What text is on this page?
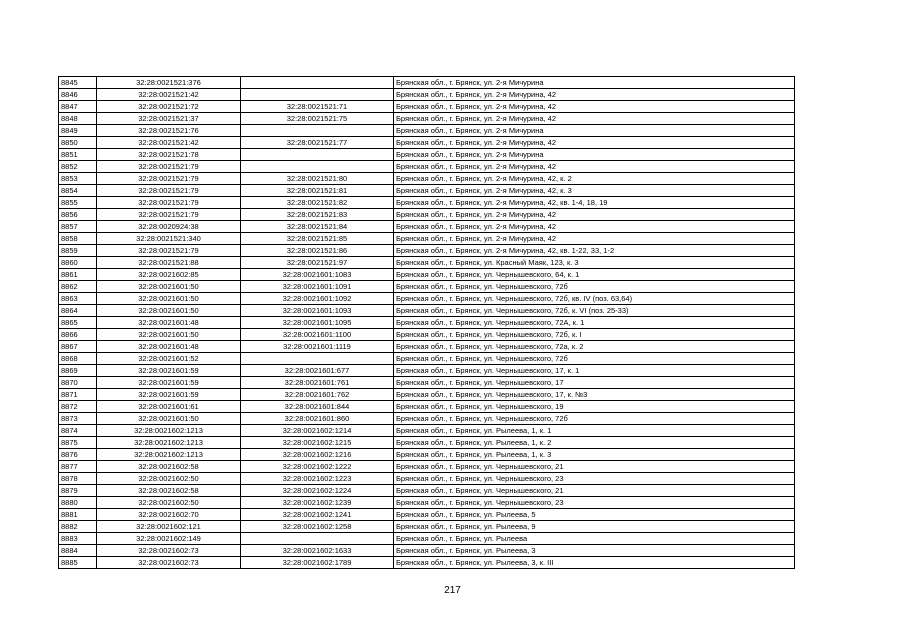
8845	32:28:0021521:376		Брянская обл., г. Брянск, ул. 2-я Мичурина
8846	32:28:0021521:42		Брянская обл., г. Брянск, ул. 2-я Мичурина, 42
8847	32:28:0021521:72	32:28:0021521:71	Брянская обл., г. Брянск, ул. 2-я Мичурина, 42
8848	32:28:0021521:37	32:28:0021521:75	Брянская обл., г. Брянск, ул. 2-я Мичурина, 42
8849	32:28:0021521:76		Брянская обл., г. Брянск, ул. 2-я Мичурина
8850	32:28:0021521:42	32:28:0021521:77	Брянская обл., г. Брянск, ул. 2-я Мичурина, 42
8851	32:28:0021521:78		Брянская обл., г. Брянск, ул. 2-я Мичурина
8852	32:28:0021521:79		Брянская обл., г. Брянск, ул. 2-я Мичурина, 42
8853	32:28:0021521:79	32:28:0021521:80	Брянская обл., г. Брянск, ул. 2-я Мичурина, 42, к. 2
8854	32:28:0021521:79	32:28:0021521:81	Брянская обл., г. Брянск, ул. 2-я Мичурина, 42, к. 3
8855	32:28:0021521:79	32:28:0021521:82	Брянская обл., г. Брянск, ул. 2-я Мичурина, 42, кв. 1-4, 18, 19
8856	32:28:0021521:79	32:28:0021521:83	Брянская обл., г. Брянск, ул. 2-я Мичурина, 42
8857	32:28:0020924:38	32:28:0021521:84	Брянская обл., г. Брянск, ул. 2-я Мичурина, 42
8858	32:28:0021521:340	32:28:0021521:85	Брянская обл., г. Брянск, ул. 2-я Мичурина, 42
8859	32:28:0021521:79	32:28:0021521:86	Брянская обл., г. Брянск, ул. 2-я Мичурина, 42, кв. 1-22, 33, 1-2
8860	32:28:0021521:88	32:28:0021521:97	Брянская обл., г. Брянск, ул. Красный Маяк, 123, к. 3
8861	32:28:0021602:85	32:28:0021601:1083	Брянская обл., г. Брянск, ул. Чернышевского, 64, к. 1
8862	32:28:0021601:50	32:28:0021601:1091	Брянская обл., г. Брянск, ул. Чернышевского, 72б
8863	32:28:0021601:50	32:28:0021601:1092	Брянская обл., г. Брянск, ул. Чернышевского, 72б, кв. IV (поз. 63,64)
8864	32:28:0021601:50	32:28:0021601:1093	Брянская обл., г. Брянск, ул. Чернышевского, 72б, к. VI (поз. 25-33)
8865	32:28:0021601:48	32:28:0021601:1095	Брянская обл., г. Брянск, ул. Чернышевского, 72А, к. 1
8866	32:28:0021601:50	32:28:0021601:1100	Брянская обл., г. Брянск, ул. Чернышевского, 72б, к. I
8867	32:28:0021601:48	32:28:0021601:1119	Брянская обл., г. Брянск, ул. Чернышевского, 72а, к. 2
8868	32:28:0021601:52		Брянская обл., г. Брянск, ул. Чернышевского, 72б
8869	32:28:0021601:59	32:28:0021601:677	Брянская обл., г. Брянск, ул. Чернышевского, 17, к. 1
8870	32:28:0021601:59	32:28:0021601:761	Брянская обл., г. Брянск, ул. Чернышевского, 17
8871	32:28:0021601:59	32:28:0021601:762	Брянская обл., г. Брянск, ул. Чернышевского, 17, к. №3
8872	32:28:0021601:61	32:28:0021601:844	Брянская обл., г. Брянск, ул. Чернышевского, 19
8873	32:28:0021601:50	32:28:0021601:860	Брянская обл., г. Брянск, ул. Чернышевского, 72б
8874	32:28:0021602:1213	32:28:0021602:1214	Брянская обл., г. Брянск, ул. Рылеева, 1, к. 1
8875	32:28:0021602:1213	32:28:0021602:1215	Брянская обл., г. Брянск, ул. Рылеева, 1, к. 2
8876	32:28:0021602:1213	32:28:0021602:1216	Брянская обл., г. Брянск, ул. Рылеева, 1, к. 3
8877	32:28:0021602:58	32:28:0021602:1222	Брянская обл., г. Брянск, ул. Чернышевского, 21
8878	32:28:0021602:50	32:28:0021602:1223	Брянская обл., г. Брянск, ул. Чернышевского, 23
8879	32:28:0021602:58	32:28:0021602:1224	Брянская обл., г. Брянск, ул. Чернышевского, 21
8880	32:28:0021602:50	32:28:0021602:1239	Брянская обл., г. Брянск, ул. Чернышевского, 23
8881	32:28:0021602:70	32:28:0021602:1241	Брянская обл., г. Брянск, ул. Рылеева, 5
8882	32:28:0021602:121	32:28:0021602:1258	Брянская обл., г. Брянск, ул. Рылеева, 9
8883	32:28:0021602:149		Брянская обл., г. Брянск, ул. Рылеева
8884	32:28:0021602:73	32:28:0021602:1633	Брянская обл., г. Брянск, ул. Рылеева, 3
8885	32:28:0021602:73	32:28:0021602:1789	Брянская обл., г. Брянск, ул. Рылеева, 3, к. III
217
